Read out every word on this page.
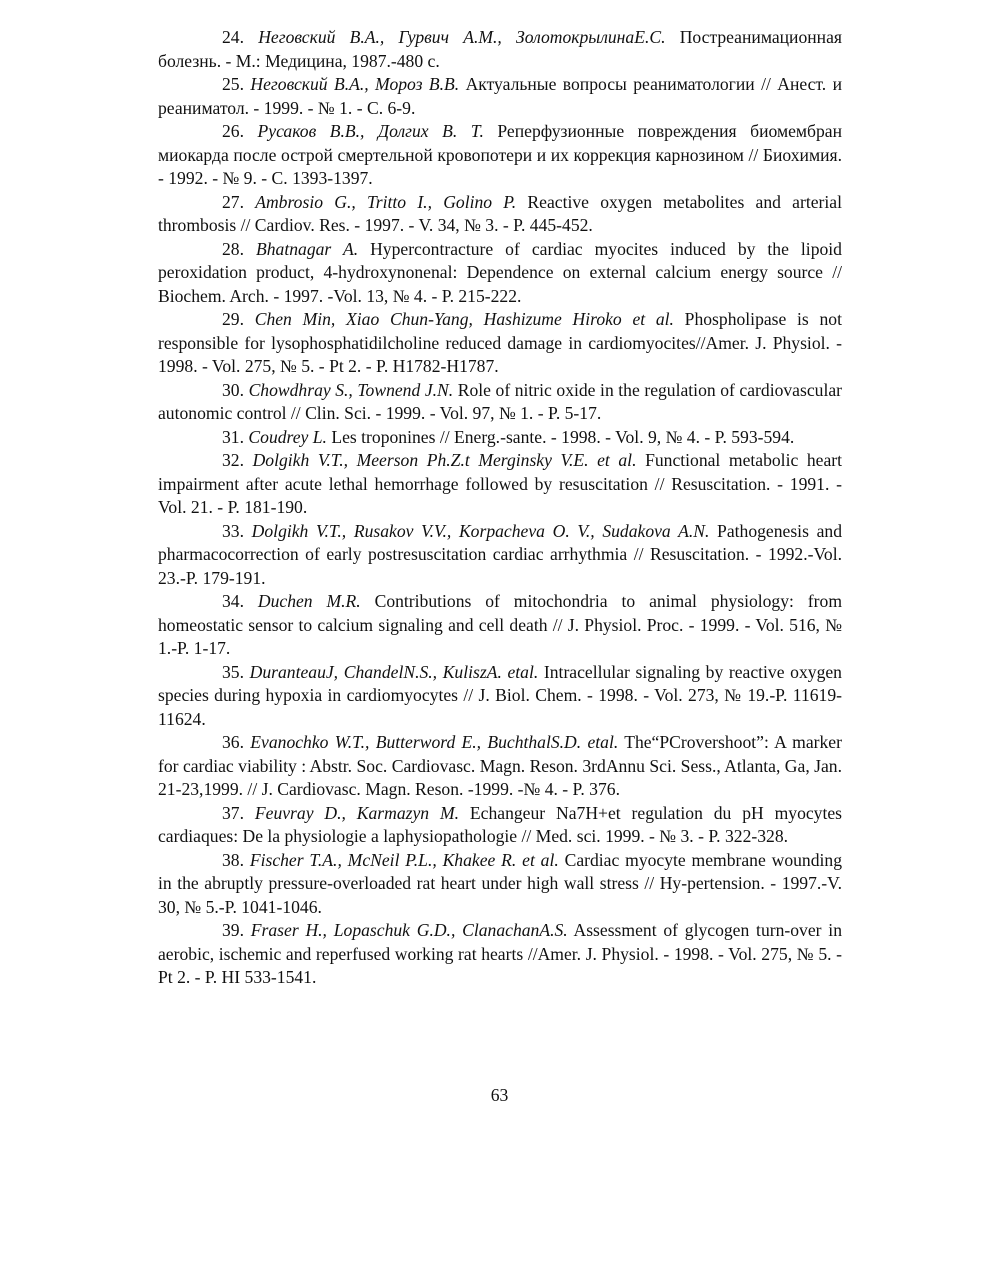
24. Неговский В.А., Гурвич А.М., ЗолотокрылинаЕ.С. Постреанимационная болезнь. - М.: Медицина, 1987.-480 с.

25. Неговский В.А., Мороз В.В. Актуальные вопросы реаниматологии // Анест. и реаниматол. - 1999. - № 1. - С. 6-9.

26. Русаков В.В., Долгих В. Т. Реперфузионные повреждения биомембран миокарда после острой смертельной кровопотери и их коррекция карнозином // Биохимия. - 1992. - № 9. - С. 1393-1397.

27. Ambrosio G., Tritto I., Golino P. Reactive oxygen metabolites and arterial thrombosis // Cardiov. Res. - 1997. - V. 34, № 3. - P. 445-452.

28. Bhatnagar A. Hypercontracture of cardiac myocites induced by the lipoid peroxidation product, 4-hydroxynonenal: Dependence on external calcium energy source // Biochem. Arch. - 1997. -Vol. 13, № 4. - P. 215-222.

29. Chen Min, Xiao Chun-Yang, Hashizume Hiroko et al. Phospholipase is not responsible for lysophosphatidilcholine reduced damage in cardiomyocites//Amer. J. Physiol. - 1998. - Vol. 275, № 5. - Pt 2. - P. H1782-H1787.

30. Chowdhray S., Townend J.N. Role of nitric oxide in the regulation of cardiovascular autonomic control // Clin. Sci. - 1999. - Vol. 97, № 1. - P. 5-17.

31. Coudrey L. Les troponines // Energ.-sante. - 1998. - Vol. 9, № 4. - P. 593-594.

32. Dolgikh V.T., Meerson Ph.Z.t Merginsky V.E. et al. Functional metabolic heart impairment after acute lethal hemorrhage followed by resuscitation // Resuscitation. - 1991. - Vol. 21. - P. 181-190.

33. Dolgikh V.T., Rusakov V.V., Korpacheva O. V., Sudakova A.N. Pathogenesis and pharmacocorrection of early postresuscitation cardiac arrhythmia // Resuscitation. - 1992.-Vol. 23.-P. 179-191.

34. Duchen M.R. Contributions of mitochondria to animal physiology: from homeostatic sensor to calcium signaling and cell death // J. Physiol. Proc. - 1999. - Vol. 516, № 1.-P. 1-17.

35. DuranteauJ, ChandelN.S., KuliszA. etal. Intracellular signaling by reactive oxygen species during hypoxia in cardiomyocytes // J. Biol. Chem. - 1998. - Vol. 273, № 19.-P. 11619-11624.

36. Evanochko W.T., Butterword E., BuchthalS.D. etal. The“PCrovershoot”: A marker for cardiac viability : Abstr. Soc. Cardiovasc. Magn. Reson. 3rdAnnu Sci. Sess., Atlanta, Ga, Jan. 21-23,1999. // J. Cardiovasc. Magn. Reson. -1999. -№ 4. - P. 376.

37. Feuvray D., Karmazyn M. Echangeur Na7H+et regulation du pH myocytes cardiaques: De la physiologie a laphysiopathologie // Med. sci. 1999. - № 3. - P. 322-328.

38. Fischer T.A., McNeil P.L., Khakee R. et al. Cardiac myocyte membrane wounding in the abruptly pressure-overloaded rat heart under high wall stress // Hy-pertension. - 1997.-V. 30, № 5.-P. 1041-1046.

39. Fraser H., Lopaschuk G.D., ClanachanA.S. Assessment of glycogen turn-over in aerobic, ischemic and reperfused working rat hearts //Amer. J. Physiol. - 1998. - Vol. 275, № 5. - Pt 2. - P. HI 533-1541.

63
